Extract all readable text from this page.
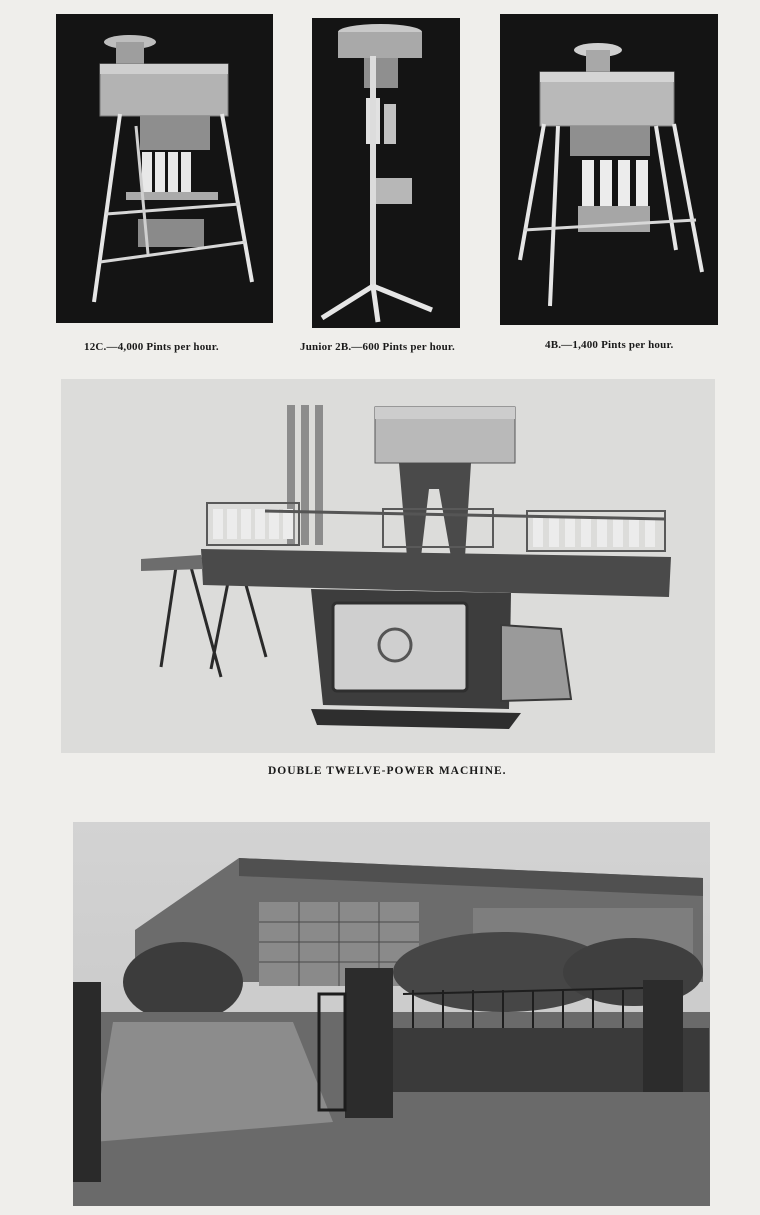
12C.—4,000 Pints per hour.	Junior 2B.—600 Pints per hour.	4B.—1,400 Pints per hour.
DOUBLE TWELVE-POWER MACHINE.
